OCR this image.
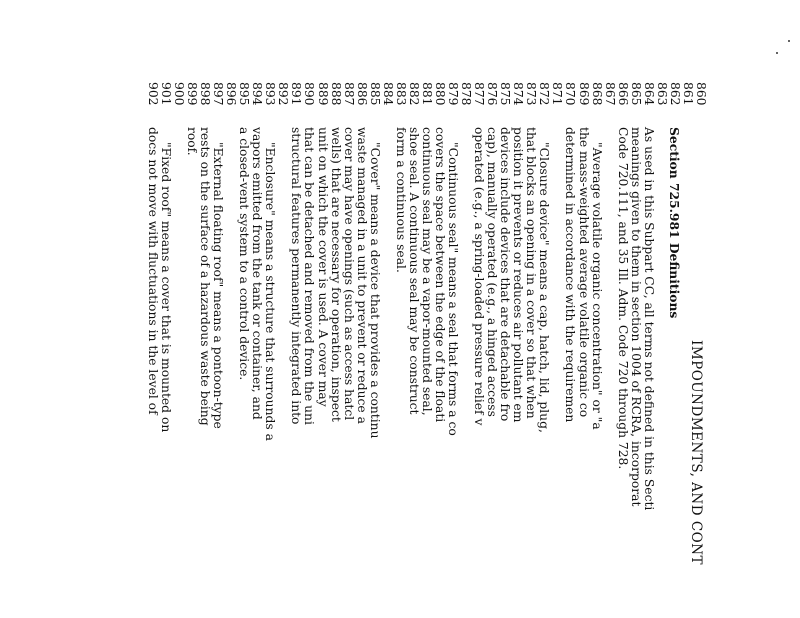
IMPOUNDMENTS, AND CONT
860
861
862
Section 725.981 Definitions
863
864
As used in this Subpart CC, all terms not defined in this Secti
865
meanings given to them in section 1004 of RCRA, incorporat
866
Code 720.111, and 35 Ill. Adm. Code 720 through 728.
867
868
"Average volatile organic concentration" or "a
869
the mass-weighted average volatile organic co
870
determined in accordance with the requiremen
871
872
"Closure device" means a cap, hatch, lid, plug,
873
that blocks an opening in a cover so that when
874
position it prevents or reduces air pollutant em
875
devices include devices that are detachable fro
876
cap), manually operated (e.g., a hinged access
877
operated (e.g., a spring-loaded pressure relief v
878
879
"Continuous seal" means a seal that forms a co
880
covers the space between the edge of the floati
881
continuous seal may be a vapor-mounted seal,
882
shoe seal. A continuous seal may be construct
883
form a continuous seal.
884
885
"Cover" means a device that provides a continu
886
waste managed in a unit to prevent or reduce a
887
cover may have openings (such as access hatcl
888
wells) that are necessary for operation, inspect
889
unit on which the cover is used. A cover may
890
that can be detached and removed from the uni
891
structural features permanently integrated into
892
893
"Enclosure" means a structure that surrounds a
894
vapors emitted from the tank or container, and
895
a closed-vent system to a control device.
896
897
"External floating roof" means a pontoon-type
898
rests on the surface of a hazardous waste being
899
roof.
900
901
"Fixed roof" means a cover that is mounted on
902
docs not move with fluctuations in the level of
